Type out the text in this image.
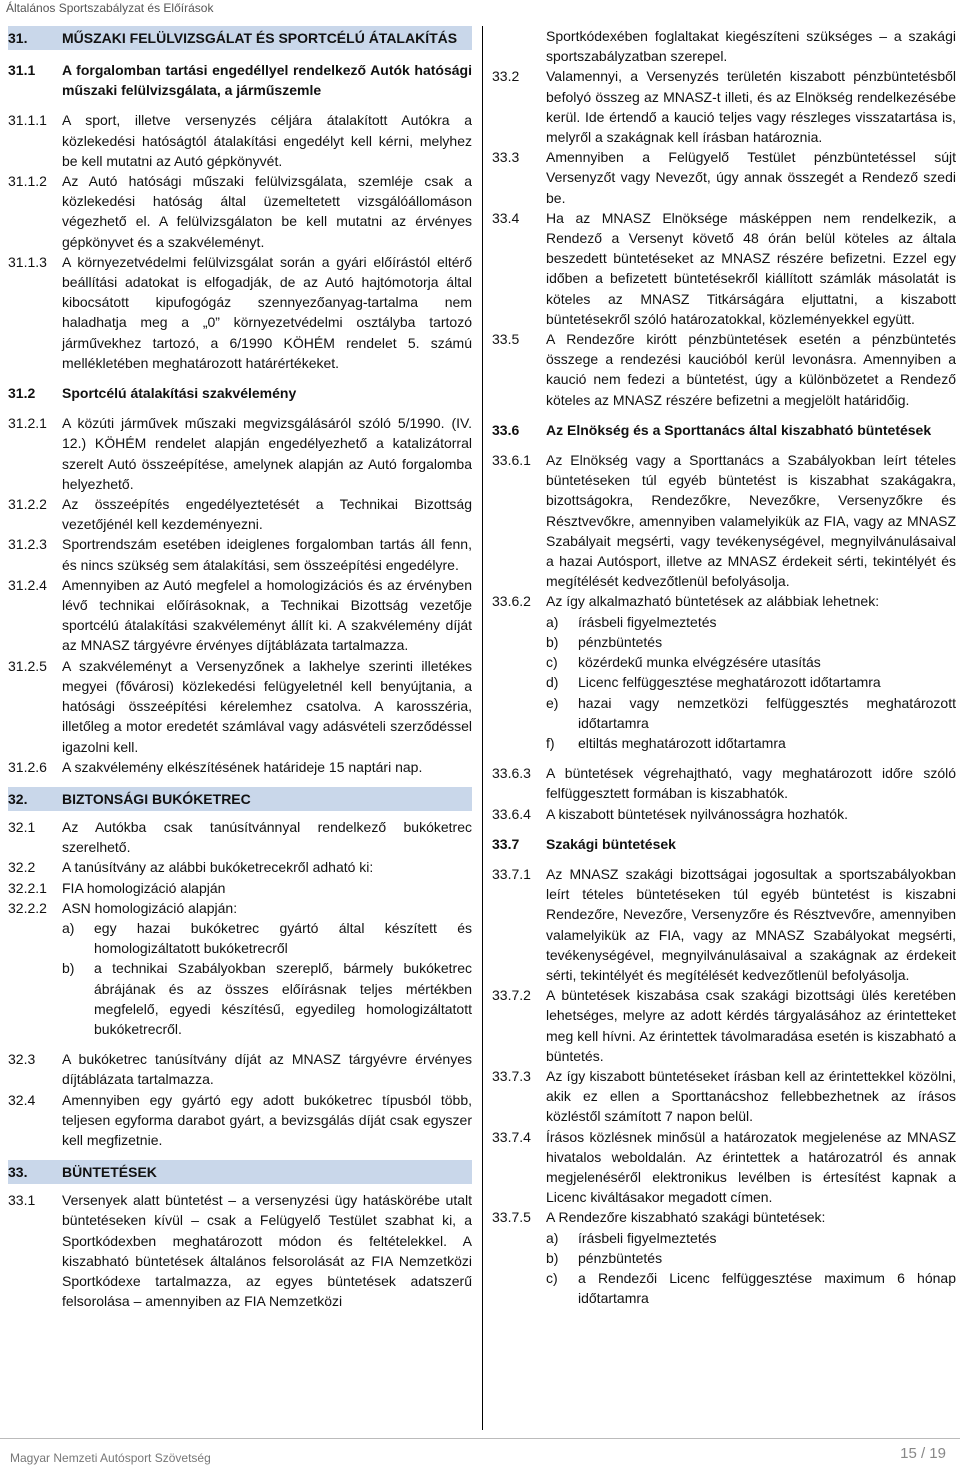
Általános Sportszabályzat és Előírások
31.	MŰSZAKI FELÜLVIZSGÁLAT ÉS SPORTCÉLÚ ÁTALAKÍTÁS
31.1	A forgalomban tartási engedéllyel rendelkező Autók hatósági műszaki felülvizsgálata, a járműszemle
31.1.1	A sport, illetve versenyzés céljára átalakított Autókra a közlekedési hatóságtól átalakítási engedélyt kell kérni, melyhez be kell mutatni az Autó gépkönyvét.
31.1.2	Az Autó hatósági műszaki felülvizsgálata, szemléje csak a közlekedési hatóság által üzemeltetett vizsgálóállomáson végezhető el. A felülvizsgálaton be kell mutatni az érvényes gépkönyvet és a szakvéleményt.
31.1.3	A környezetvédelmi felülvizsgálat során a gyári előírástól eltérő beállítási adatokat is elfogadják, de az Autó hajtómotorja által kibocsátott kipufogógáz szennyezőanyag-tartalma nem haladhatja meg a „0” környezetvédelmi osztályba tartozó járművekhez tartozó, a 6/1990 KÖHÉM rendelet 5. számú mellékletében meghatározott határértékeket.
31.2	Sportcélú átalakítási szakvélemény
31.2.1	A közúti járművek műszaki megvizsgálásáról szóló 5/1990. (IV. 12.) KÖHÉM rendelet alapján engedélyezhető a katalizátorral szerelt Autó összeépítése, amelynek alapján az Autó forgalomba helyezhető.
31.2.2	Az összeépítés engedélyeztetését a Technikai Bizottság vezetőjénél kell kezdeményezni.
31.2.3	Sportrendszám esetében ideiglenes forgalomban tartás áll fenn, és nincs szükség sem átalakítási, sem összeépítési engedélyre.
31.2.4	Amennyiben az Autó megfelel a homologizációs és az érvényben lévő technikai előírásoknak, a Technikai Bizottság vezetője sportcélú átalakítási szakvéleményt állít ki. A szakvélemény díját az MNASZ tárgyévre érvényes díjtáblázata tartalmazza.
31.2.5	A szakvéleményt a Versenyzőnek a lakhelye szerinti illetékes megyei (fővárosi) közlekedési felügyeletnél kell benyújtania, a hatósági összeépítési kérelemhez csatolva. A karosszéria, illetőleg a motor eredetét számlával vagy adásvételi szerződéssel igazolni kell.
31.2.6	A szakvélemény elkészítésének határideje 15 naptári nap.
32.	BIZTONSÁGI BUKÓKETREC
32.1	Az Autókba csak tanúsítvánnyal rendelkező bukóketrec szerelhető.
32.2	A tanúsítvány az alábbi bukóketrecekről adható ki:
32.2.1	FIA homologizáció alapján
32.2.2	ASN homologizáció alapján:
a)	egy hazai bukóketrec gyártó által készített és homologizáltatott bukóketrecről
b)	a technikai Szabályokban szereplő, bármely bukóketrec ábrájának és az összes előírásnak teljes mértékben megfelelő, egyedi készítésű, egyedileg homologizáltatott bukóketrecről.
32.3	A bukóketrec tanúsítvány díját az MNASZ tárgyévre érvényes díjtáblázata tartalmazza.
32.4	Amennyiben egy gyártó egy adott bukóketrec típusból több, teljesen egyforma darabot gyárt, a bevizsgálás díját csak egyszer kell megfizetnie.
33.	BÜNTETÉSEK
33.1	Versenyek alatt büntetést – a versenyzési ügy hatáskörébe utalt büntetéseken kívül – csak a Felügyelő Testület szabhat ki, a Sportkódexben meghatározott módon és feltételekkel. A kiszabható büntetések általános felsorolását az FIA Nemzetközi Sportkódexe tartalmazza, az egyes büntetések adatszerű felsorolása – amennyiben az FIA Nemzetközi
Sportkódexében foglaltakat kiegészíteni szükséges – a szakági sportszabályzatban szerepel.
33.2	Valamennyi, a Versenyzés területén kiszabott pénzbüntetésből befolyó összeg az MNASZ-t illeti, és az Elnökség rendelkezésébe kerül. Ide értendő a kaució teljes vagy részleges visszatartása is, melyről a szakágnak kell írásban határoznia.
33.3	Amennyiben a Felügyelő Testület pénzbüntetéssel sújt Versenyzőt vagy Nevezőt, úgy annak összegét a Rendező szedi be.
33.4	Ha az MNASZ Elnöksége másképpen nem rendelkezik, a Rendező a Versenyt követő 48 órán belül köteles az általa beszedett büntetéseket az MNASZ részére befizetni. Ezzel egy időben a befizetett büntetésekről kiállított számlák másolatát is köteles az MNASZ Titkárságára eljuttatni, a kiszabott büntetésekről szóló határozatokkal, közleményekkel együtt.
33.5	A Rendezőre kirótt pénzbüntetések esetén a pénzbüntetés összege a rendezési kaucióból kerül levonásra. Amennyiben a kaució nem fedezi a büntetést, úgy a különbözetet a Rendező köteles az MNASZ részére befizetni a megjelölt határidőig.
33.6	Az Elnökség és a Sporttanács által kiszabható büntetések
33.6.1	Az Elnökség vagy a Sporttanács a Szabályokban leírt tételes büntetéseken túl egyéb büntetést is kiszabhat szakágakra, bizottságokra, Rendezőkre, Nevezőkre, Versenyzőkre és Résztvevőkre, amennyiben valamelyikük az FIA, vagy az MNASZ Szabályait megsérti, vagy tevékenységével, megnyilvánulásaival a hazai Autósport, illetve az MNASZ érdekeit sérti, tekintélyét és megítélését kedvezőtlenül befolyásolja.
33.6.2	Az így alkalmazható büntetések az alábbiak lehetnek:
a)	írásbeli figyelmeztetés
b)	pénzbüntetés
c)	közérdekű munka elvégzésére utasítás
d)	Licenc felfüggesztése meghatározott időtartamra
e)	hazai vagy nemzetközi felfüggesztés meghatározott időtartamra
f)	eltiltás meghatározott időtartamra
33.6.3	A büntetések végrehajtható, vagy meghatározott időre szóló felfüggesztett formában is kiszabhatók.
33.6.4	A kiszabott büntetések nyilvánosságra hozhatók.
33.7	Szakági büntetések
33.7.1	Az MNASZ szakági bizottságai jogosultak a sportszabályokban leírt tételes büntetéseken túl egyéb büntetést is kiszabni Rendezőre, Nevezőre, Versenyzőre és Résztvevőre, amennyiben valamelyikük az FIA, vagy az MNASZ Szabályokat megsérti, tevékenységével, megnyilvánulásaival a szakágnak az érdekeit sérti, tekintélyét és megítélését kedvezőtlenül befolyásolja.
33.7.2	A büntetések kiszabása csak szakági bizottsági ülés keretében lehetséges, melyre az adott kérdés tárgyalásához az érintetteket meg kell hívni. Az érintettek távolmaradása esetén is kiszabható a büntetés.
33.7.3	Az így kiszabott büntetéseket írásban kell az érintettekkel közölni, akik ez ellen a Sporttanácshoz fellebbezhetnek az írásos közléstől számított 7 napon belül.
33.7.4	Írásos közlésnek minősül a határozatok megjelenése az MNASZ hivatalos weboldalán. Az érintettek a határozatról és annak megjelenéséről elektronikus levélben is értesítést kapnak a Licenc kiváltásakor megadott címen.
33.7.5	A Rendezőre kiszabható szakági büntetések:
a)	írásbeli figyelmeztetés
b)	pénzbüntetés
c)	a Rendezői Licenc felfüggesztése maximum 6 hónap időtartamra
Magyar Nemzeti Autósport Szövetség	15 / 19
